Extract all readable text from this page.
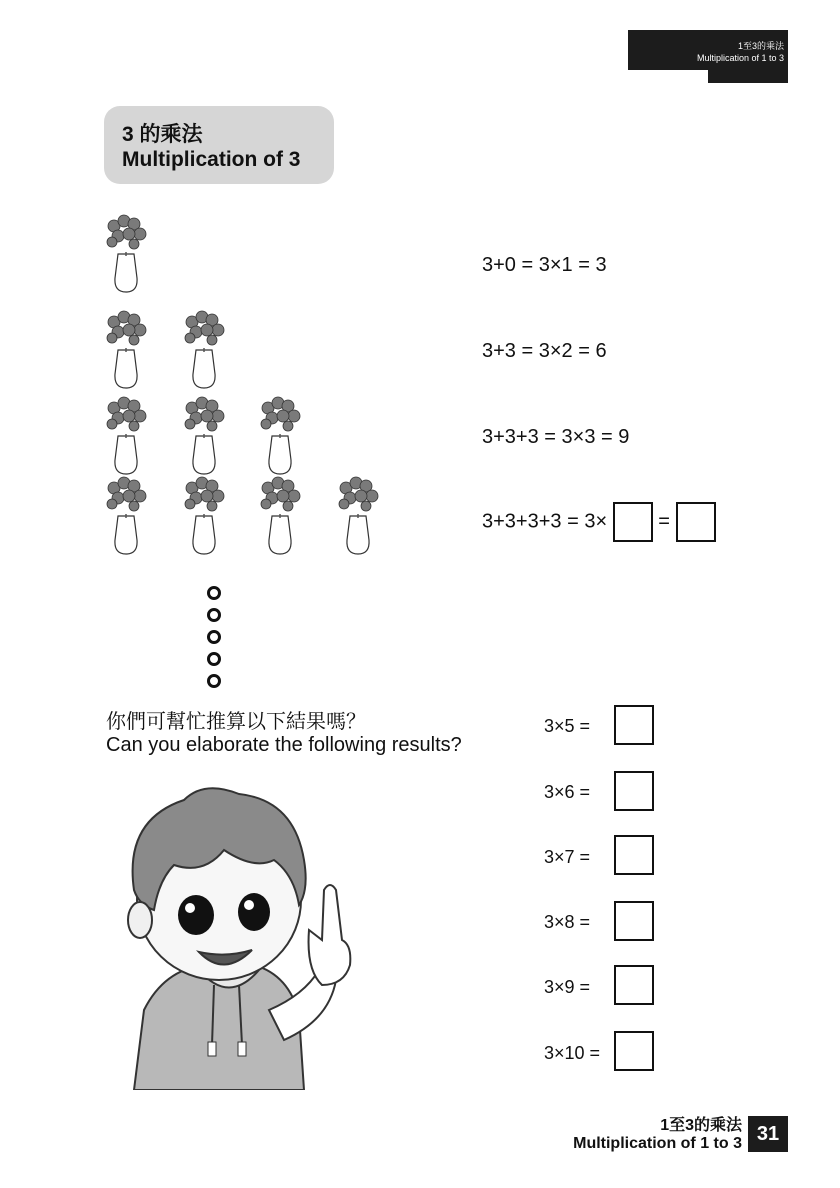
1至3的乘法
Multiplication of 1 to 3
3 的乘法
Multiplication of 3
3+0 = 3×1 = 3
3+3 = 3×2 = 6
3+3+3 = 3×3 = 9
3+3+3+3 = 3×	=
你們可幫忙推算以下結果嗎？
Can you elaborate the following results?
3×5 =
3×6 =
3×7 =
3×8 =
3×9 =
3×10 =
1至3的乘法
Multiplication of 1 to 3 31
